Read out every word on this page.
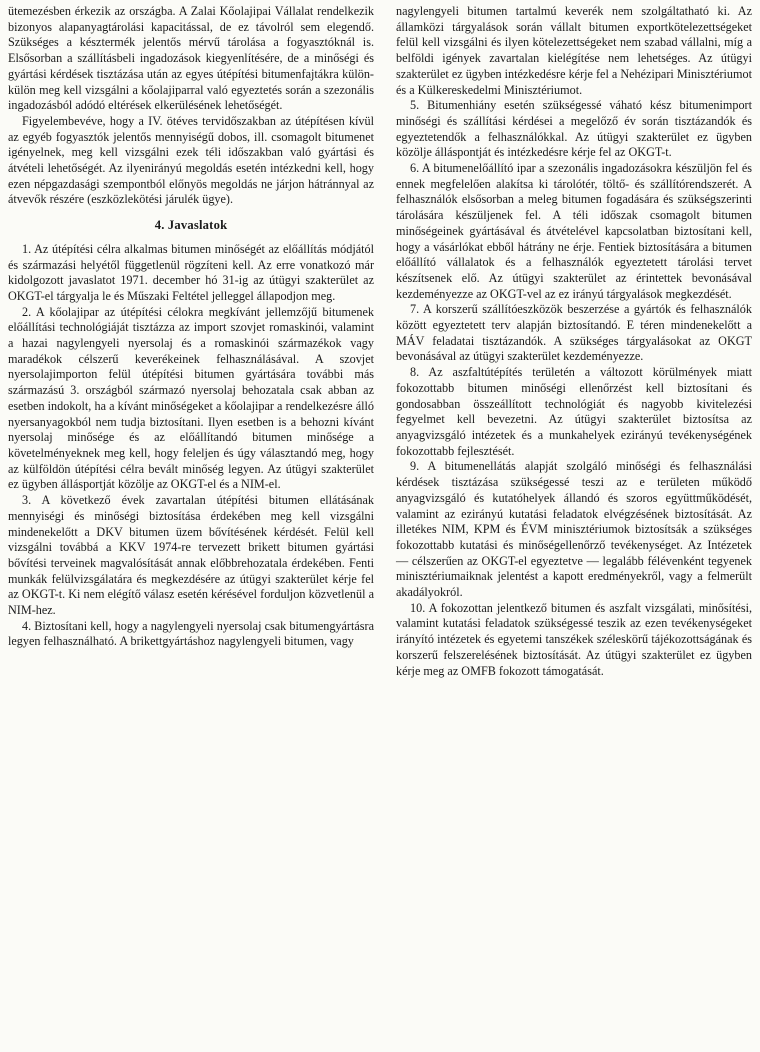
ütemezésben érkezik az országba. A Zalai Kőolajipai Vállalat rendelkezik bizonyos alapanyagtárolási kapacitással, de ez távolról sem elegendő. Szükséges a késztermék jelentős mérvű tárolása a fogyasztóknál is. Elsősorban a szállításbeli ingadozások kiegyenlítésére, de a minőségi és gyártási kérdések tisztázása után az egyes útépítési bitumenfajtákra külön-külön meg kell vizsgálni a kőolajiparral való egyeztetés során a szezonális ingadozásból adódó eltérések elkerülésének lehetőségét.

Figyelembevéve, hogy a IV. ötéves tervidőszakban az útépítésen kívül az egyéb fogyasztók jelentős mennyiségű dobos, ill. csomagolt bitumenet igényelnek, meg kell vizsgálni ezek téli időszakban való gyártási és átvételi lehetőségét. Az ilyenirányú megoldás esetén intézkedni kell, hogy ezen népgazdasági szempontból előnyös megoldás ne járjon hátránnyal az átvevők részére (eszközlekötési járulék ügye).

4. Javaslatok

1. Az útépítési célra alkalmas bitumen minőségét az előállítás módjától és származási helyétől függetlenül rögzíteni kell. Az erre vonatkozó már kidolgozott javaslatot 1971. december hó 31-ig az útügyi szakterület az OKGT-el tárgyalja le és Műszaki Feltétel jelleggel állapodjon meg.

2. A kőolajipar az útépítési célokra megkívánt jellemzőjű bitumenek előállítási technológiáját tisztázza az import szovjet romaskinói, valamint a hazai nagylengyeli nyersolaj és a romaskinói származékok vagy maradékok célszerű keverékeinek felhasználásával. A szovjet nyersolajimporton felül útépítési bitumen gyártására további más származású 3. országból származó nyersolaj behozatala csak abban az esetben indokolt, ha a kívánt minőségeket a kőolajipar a rendelkezésre álló nyersanyagokból nem tudja biztosítani. Ilyen esetben is a behozni kívánt nyersolaj minősége és az előállítandó bitumen minősége a követelményeknek meg kell, hogy feleljen és úgy választandó meg, hogy az külföldön útépítési célra bevált minőség legyen. Az útügyi szakterület ez ügyben állásportját közölje az OKGT-el és a NIM-el.

3. A következő évek zavartalan útépítési bitumen ellátásának mennyiségi és minőségi biztosítása érdekében meg kell vizsgálni mindenekelőtt a DKV bitumen üzem bővítésének kérdését. Felül kell vizsgálni továbbá a KKV 1974-re tervezett brikett bitumen gyártási bővítési terveinek magvalósítását annak előbbrehozatala érdekében. Fenti munkák felülvizsgálatára és megkezdésére az útügyi szakterület kérje fel az OKGT-t. Ki nem elégítő válasz esetén kérésével forduljon közvetlenül a NIM-hez.

4. Biztosítani kell, hogy a nagylengyeli nyersolaj csak bitumengyártásra legyen felhasználható. A brikettgyártáshoz nagylengyeli bitumen, vagy

nagylengyeli bitumen tartalmú keverék nem szolgáltatható ki. Az államközi tárgyalások során vállalt bitumen exportkötelezettségeket felül kell vizsgálni és ilyen kötelezettségeket nem szabad vállalni, míg a belföldi igények zavartalan kielégítése nem lehetséges. Az útügyi szakterület ez ügyben intézkedésre kérje fel a Nehézipari Minisztériumot és a Külkereskedelmi Minisztériumot.

5. Bitumenhiány esetén szükségessé váható kész bitumenimport minőségi és szállítási kérdései a megelőző év során tisztázandók és egyeztetendők a felhasználókkal. Az útügyi szakterület ez ügyben közölje álláspontját és intézkedésre kérje fel az OKGT-t.

6. A bitumenelőállító ipar a szezonális ingadozásokra készüljön fel és ennek megfelelően alakítsa ki tárolótér, töltő- és szállítórendszerét. A felhasználók elsősorban a meleg bitumen fogadására és szükségszerinti tárolására készüljenek fel. A téli időszak csomagolt bitumen minőségeinek gyártásával és átvételével kapcsolatban biztosítani kell, hogy a vásárlókat ebből hátrány ne érje. Fentiek biztosítására a bitumen előállító vállalatok és a felhasználók egyeztetett tárolási tervet készítsenek elő. Az útügyi szakterület az érintettek bevonásával kezdeményezze az OKGT-vel az ez irányú tárgyalások megkezdését.

7. A korszerű szállítóeszközök beszerzése a gyártók és felhasználók között egyeztetett terv alapján biztosítandó. E téren mindenekelőtt a MÁV feladatai tisztázandók. A szükséges tárgyalásokat az OKGT bevonásával az útügyi szakterület kezdeményezze.

8. Az aszfaltútépítés területén a változott körülmények miatt fokozottabb bitumen minőségi ellenőrzést kell biztosítani és gondosabban összeállított technológiát és nagyobb kivitelezési fegyelmet kell bevezetni. Az útügyi szakterület biztosítsa az anyagvizsgáló intézetek és a munkahelyek ezirányú tevékenységének fokozottabb fejlesztését.

9. A bitumenellátás alapját szolgáló minőségi és felhasználási kérdések tisztázása szükségessé teszi az e területen működő anyagvizsgáló és kutatóhelyek állandó és szoros együttműködését, valamint az ezirányú kutatási feladatok elvégzésének biztosítását. Az illetékes NIM, KPM és ÉVM minisztériumok biztosítsák a szükséges fokozottabb kutatási és minőségellenőrző tevékenységet. Az Intézetek — célszerűen az OKGT-el egyeztetve — legalább félévenként tegyenek minisztériumaiknak jelentést a kapott eredményekről, vagy a felmerült akadályokról.

10. A fokozottan jelentkező bitumen és aszfalt vizsgálati, minősítési, valamint kutatási feladatok szükségessé teszik az ezen tevékenységeket irányító intézetek és egyetemi tanszékek széleskörű tájékozottságának és korszerű felszerelésének biztosítását. Az útügyi szakterület ez ügyben kérje meg az OMFB fokozott támogatását.
